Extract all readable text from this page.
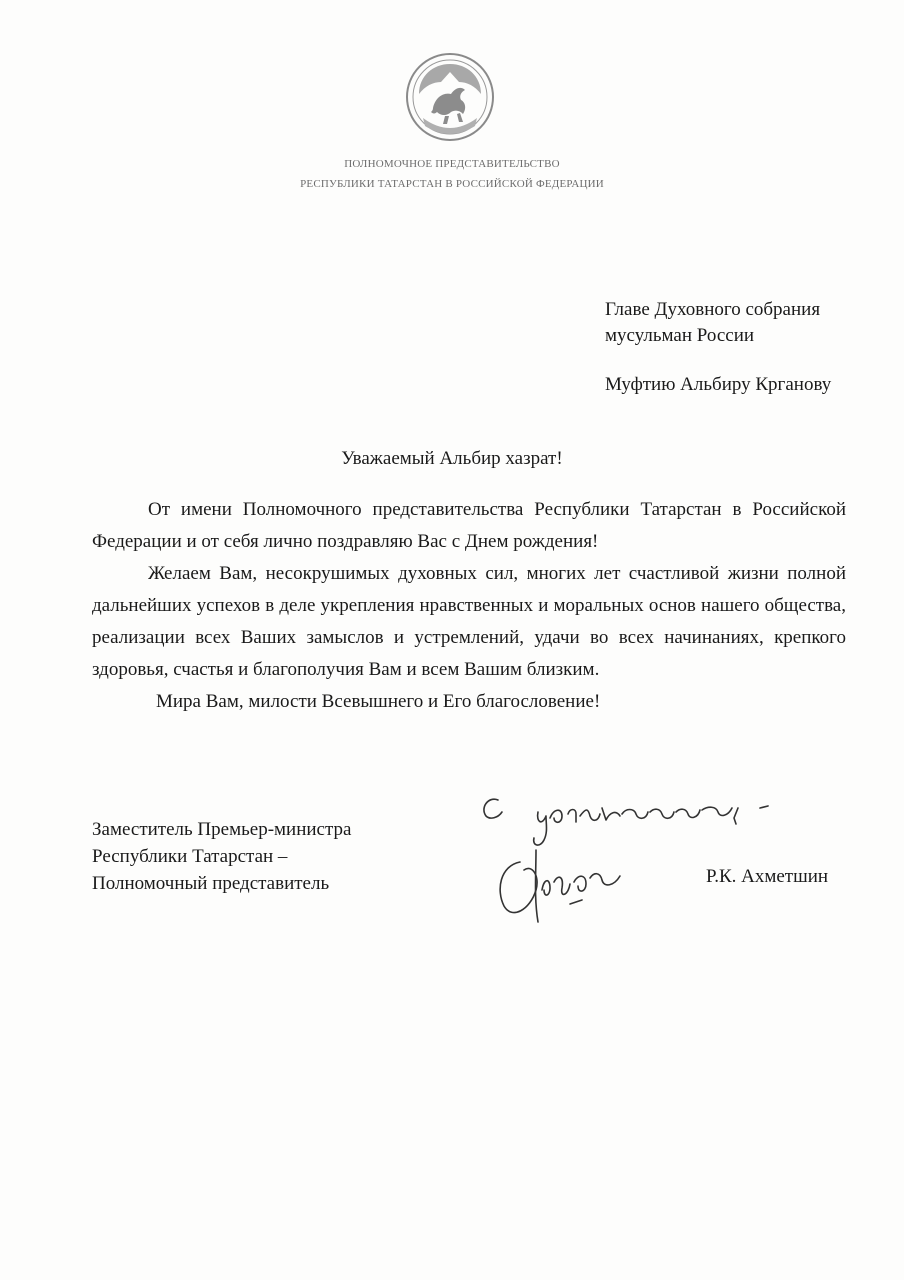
ПОЛНОМОЧНОЕ ПРЕДСТАВИТЕЛЬСТВО
РЕСПУБЛИКИ ТАТАРСТАН В РОССИЙСКОЙ ФЕДЕРАЦИИ
Главе Духовного собрания
мусульман России
Муфтию Альбиру Крганову
Уважаемый Альбир хазрат!

От имени Полномочного представительства Республики Татарстан в Российской Федерации и от себя лично поздравляю Вас с Днем рождения!

Желаем Вам, несокрушимых духовных сил, многих лет счастливой жизни полной дальнейших успехов в деле укрепления нравственных и моральных основ нашего общества, реализации всех Ваших замыслов и устремлений, удачи во всех начинаниях, крепкого здоровья, счастья и благополучия Вам и всем Вашим близким.

Мира Вам, милости Всевышнего и Его благословение!

Заместитель Премьер-министра
Республики Татарстан –
Полномочный представитель	Р.К. Ахметшин
